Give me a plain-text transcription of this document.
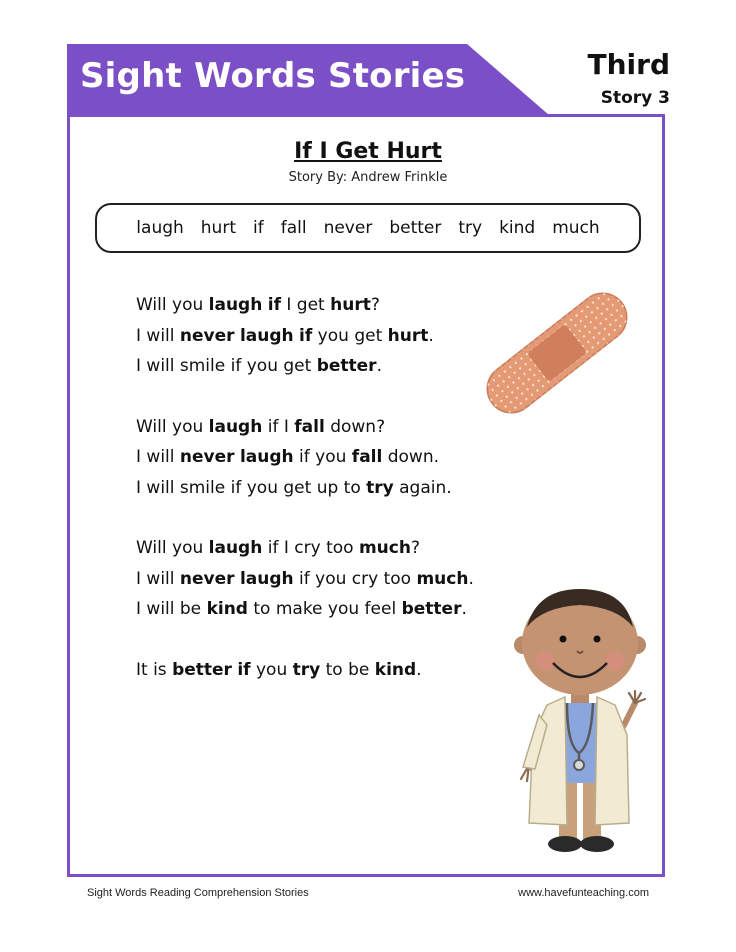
Sight Words Stories	Third
Story 3
If I Get Hurt
Story By: Andrew Frinkle
laugh hurt if fall never better try kind much
Will you laugh if I get hurt?
I will never laugh if you get hurt.
I will smile if you get better.
Will you laugh if I fall down?
I will never laugh if you fall down.
I will smile if you get up to try again.
Will you laugh if I cry too much?
I will never laugh if you cry too much.
I will be kind to make you feel better.
It is better if you try to be kind.
Sight Words Reading Comprehension Stories	www.havefunteaching.com
